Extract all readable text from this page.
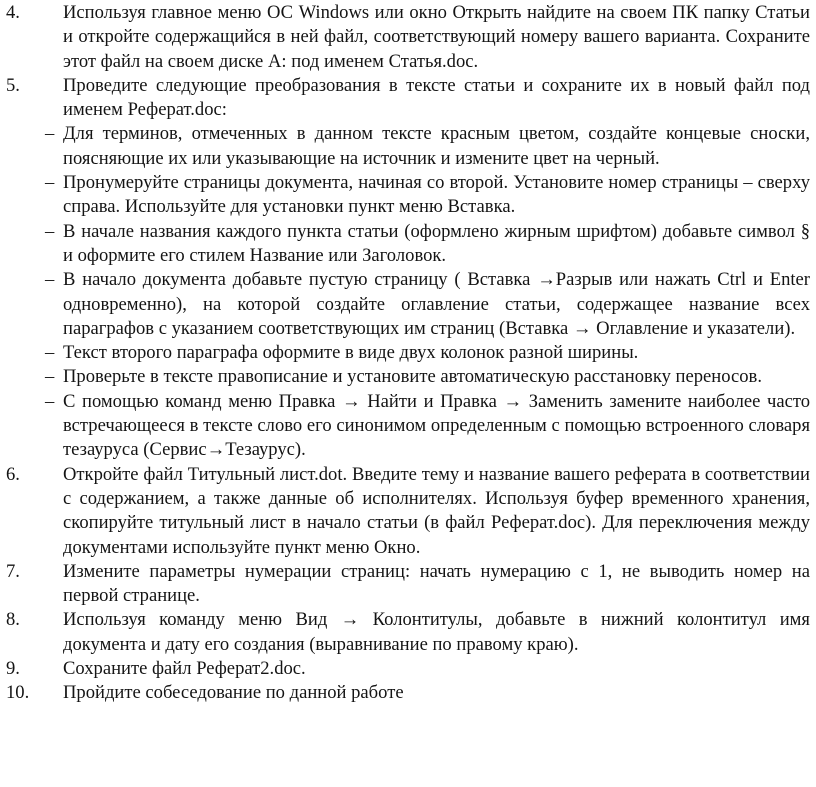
4.	Используя главное меню ОС Windows или окно Открыть найдите на своем ПК папку Статьи и откройте содержащийся в ней файл, соответствующий номеру вашего варианта. Сохраните этот файл на своем диске А: под именем Статья.doc.
5.	Проведите следующие преобразования в тексте статьи и сохраните их в новый файл под именем Реферат.doc:
– Для терминов, отмеченных в данном тексте красным цветом, создайте концевые сноски, поясняющие их или указывающие на источник и измените цвет на черный.
– Пронумеруйте страницы документа, начиная со второй. Установите номер страницы – сверху справа. Используйте для установки пункт меню Вставка.
– В начале названия каждого пункта статьи (оформлено жирным шрифтом) добавьте символ § и оформите его стилем Название или Заголовок.
– В начало документа добавьте пустую страницу ( Вставка →Разрыв или нажать Ctrl и Enter одновременно), на которой создайте оглавление статьи, содержащее название всех параграфов с указанием соответствующих им страниц (Вставка → Оглавление и указатели).
– Текст второго параграфа оформите в виде двух колонок разной ширины.
– Проверьте в тексте правописание и установите автоматическую расстановку переносов.
– С помощью команд меню Правка → Найти и Правка → Заменить замените наиболее часто встречающееся в тексте слово его синонимом определенным с помощью встроенного словаря тезауруса (Сервис→Тезаурус).
6.	Откройте файл Титульный лист.dot. Введите тему и название вашего реферата в соответствии с содержанием, а также данные об исполнителях. Используя буфер временного хранения, скопируйте титульный лист в начало статьи (в файл Реферат.doc). Для переключения между документами используйте пункт меню Окно.
7.	Измените параметры нумерации страниц: начать нумерацию с 1, не выводить номер на первой странице.
8.	Используя команду меню Вид → Колонтитулы, добавьте в нижний колонтитул имя документа и дату его создания (выравнивание по правому краю).
9.	Сохраните файл Реферат2.doc.
10.	Пройдите собеседование по данной работе
